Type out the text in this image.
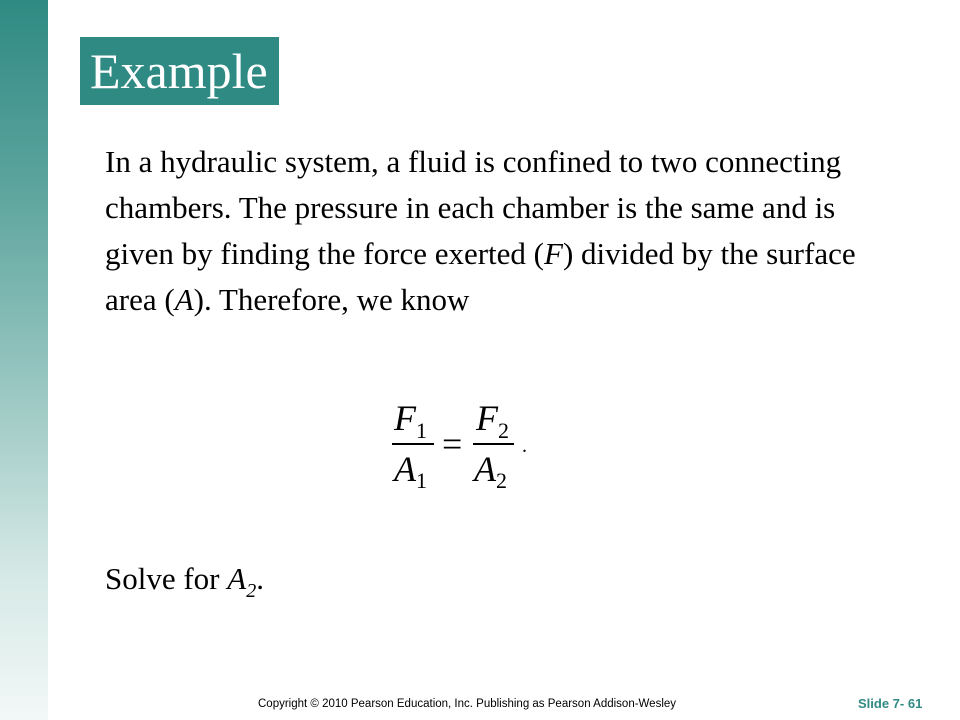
Example

In a hydraulic system, a fluid is confined to two connecting chambers. The pressure in each chamber is the same and is given by finding the force exerted (F) divided by the surface area (A). Therefore, we know

F 1
A 1
=
F 2
A 2
.
Solve for $A_2$.
Copyright © 2010 Pearson Education, Inc. Publishing as Pearson Addison-Wesley	Slide 7- 61
